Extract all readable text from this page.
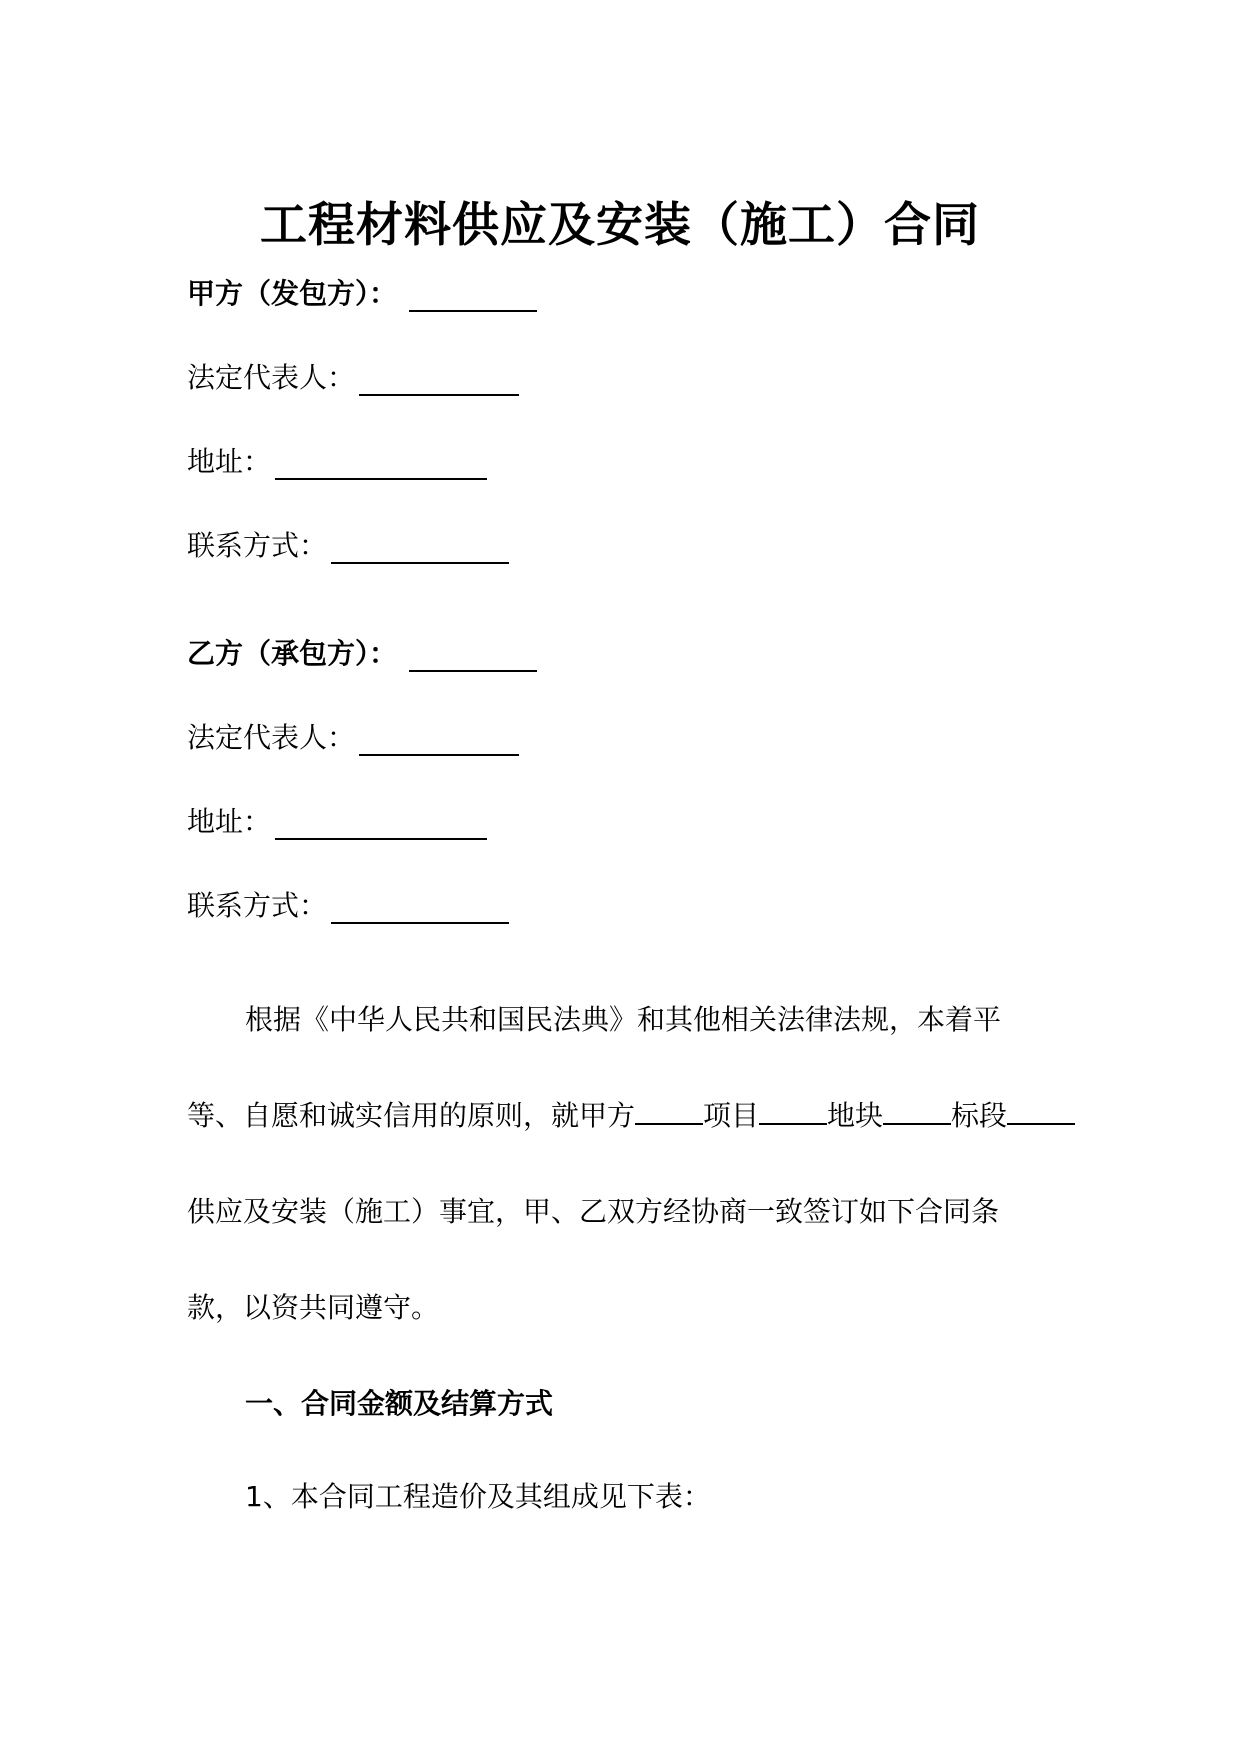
工程材料供应及安装（施工）合同
甲方（发包方）：
法定代表人：
地址：
联系方式：
乙方（承包方）：
法定代表人：
地址：
联系方式：
根据《中华人民共和国民法典》和其他相关法律法规，本着平
等、自愿和诚实信用的原则，就甲方 项目 地块 标段
供应及安装（施工）事宜，甲、乙双方经协商一致签订如下合同条
款，以资共同遵守。
一、合同金额及结算方式
1、本合同工程造价及其组成见下表：
